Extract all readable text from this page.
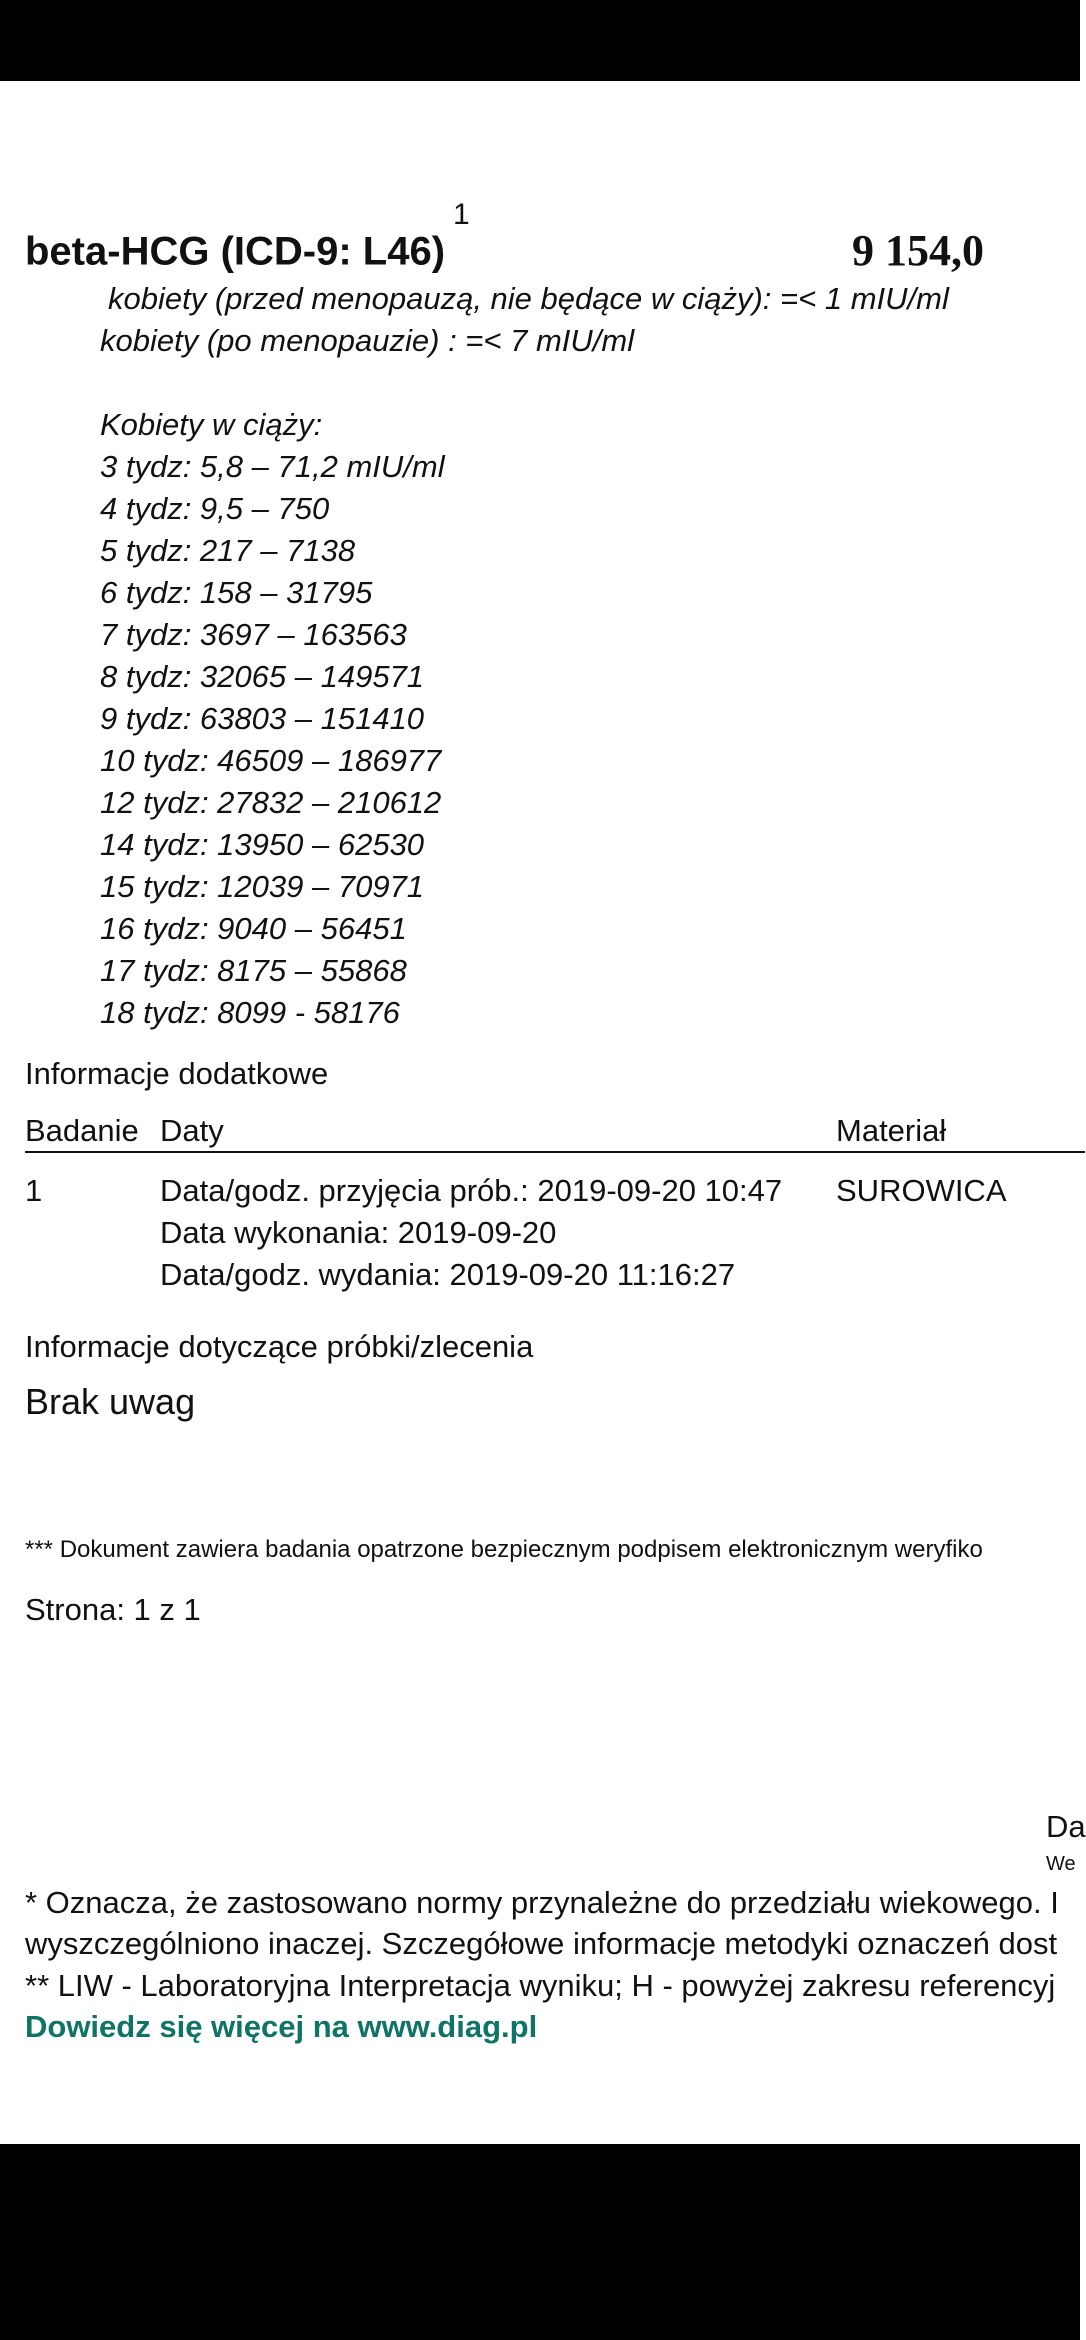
beta-HCG (ICD-9: L46)$^1$
9 154,0
kobiety (przed menopauzą, nie będące w ciąży): =< 1 mIU/ml
kobiety (po menopauzie) : =< 7 mIU/ml
Kobiety w ciąży:
3 tydz: 5,8 – 71,2 mIU/ml
4 tydz: 9,5 – 750
5 tydz: 217 – 7138
6 tydz: 158 – 31795
7 tydz: 3697 – 163563
8 tydz: 32065 – 149571
9 tydz: 63803 – 151410
10 tydz: 46509 – 186977
12 tydz: 27832 – 210612
14 tydz: 13950 – 62530
15 tydz: 12039 – 70971
16 tydz: 9040 – 56451
17 tydz: 8175 – 55868
18 tydz: 8099 - 58176
Informacje dodatkowe
Badanie Daty	Materiał
1	Data/godz. przyjęcia prób.: 2019-09-20 10:47
Data wykonania: 2019-09-20
Data/godz. wydania: 2019-09-20 11:16:27
SUROWICA
Informacje dotyczące próbki/zlecenia
Brak uwag
*** Dokument zawiera badania opatrzone bezpiecznym podpisem elektronicznym weryfiko
Strona: 1 z 1
Da
We
* Oznacza, że zastosowano normy przynależne do przedziału wiekowego. I
wyszczególniono inaczej. Szczegółowe informacje metodyki oznaczeń dost
** LIW - Laboratoryjna Interpretacja wyniku; H - powyżej zakresu referencyj
Dowiedz się więcej na www.diag.pl
